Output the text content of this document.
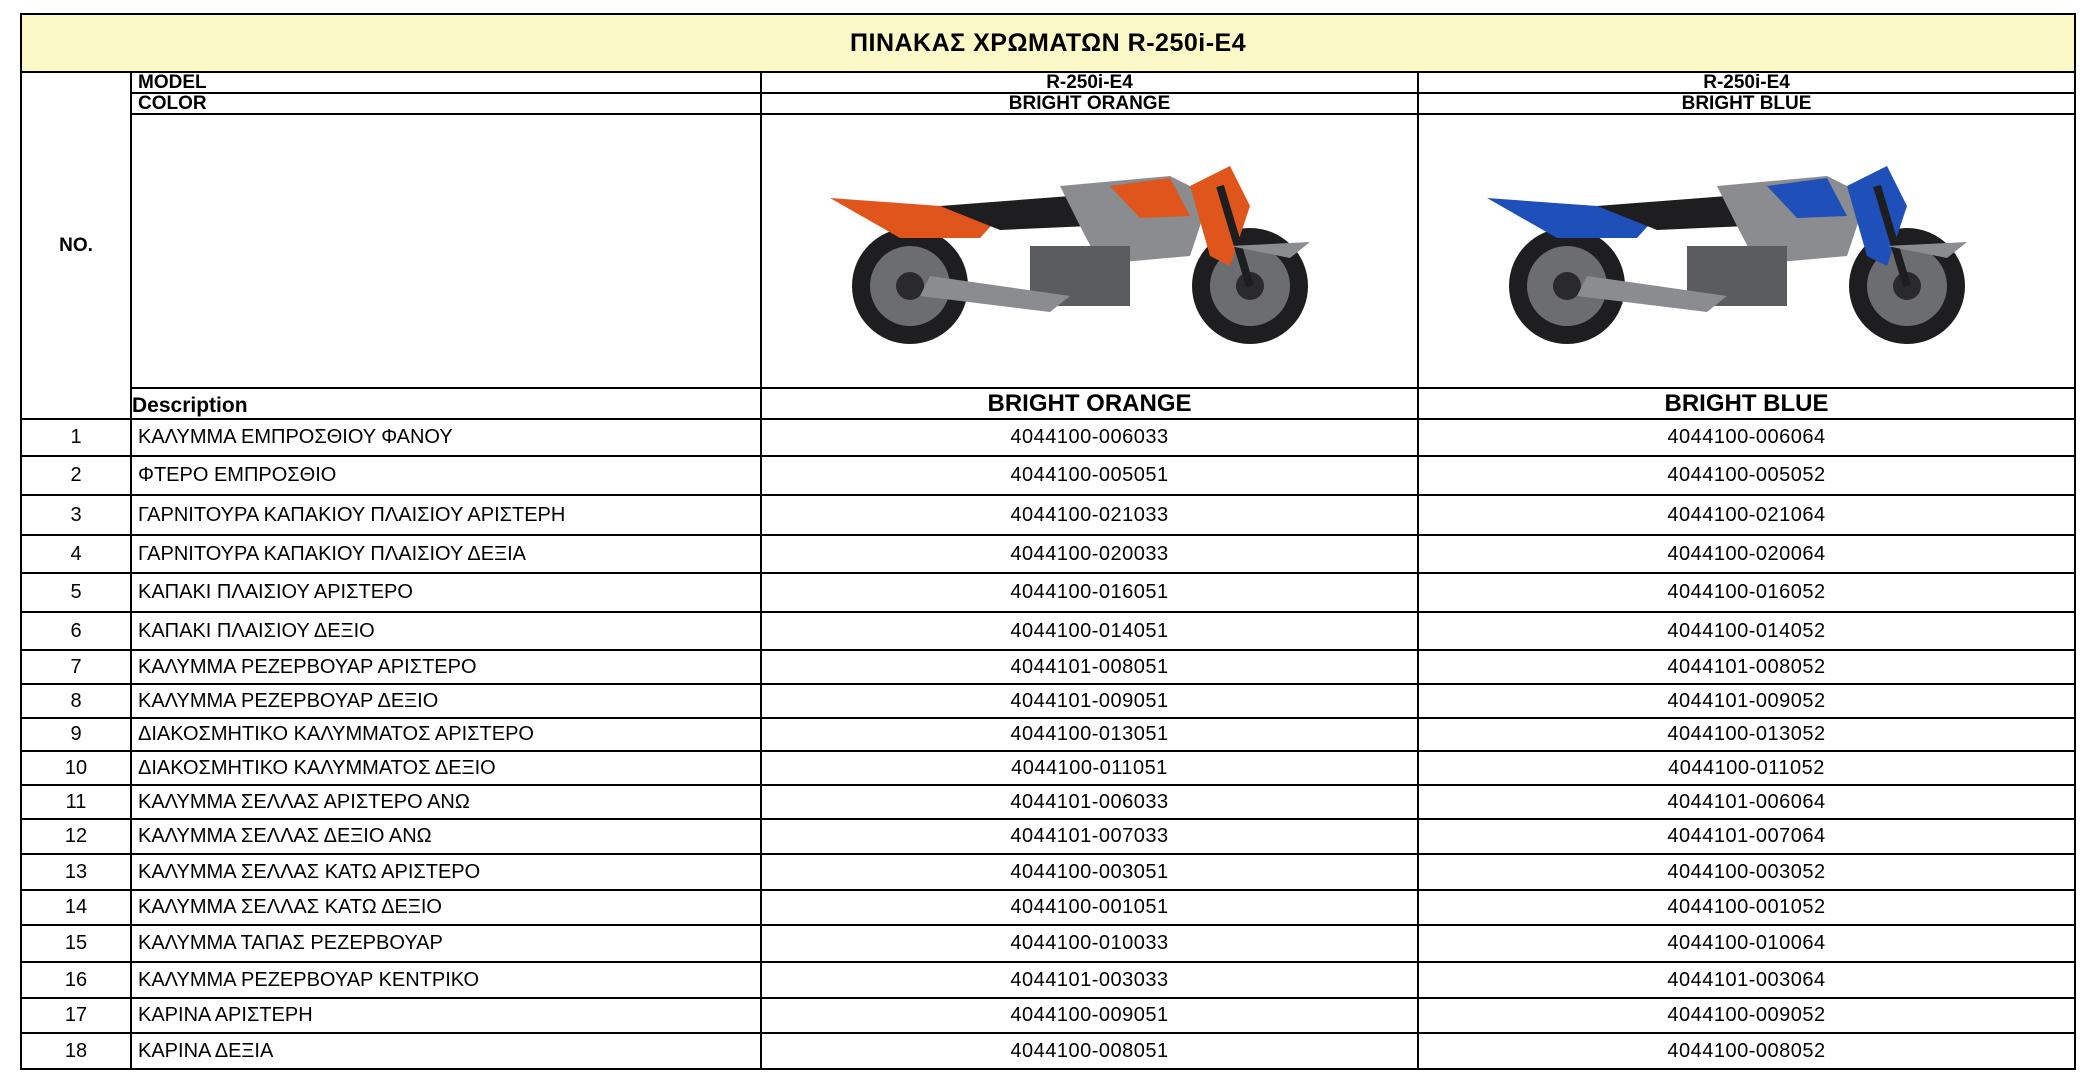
ΠΙΝΑΚΑΣ ΧΡΩΜΑΤΩΝ R-250i-E4			
NO.	MODEL	R-250i-E4	R-250i-E4
	COLOR	BRIGHT ORANGE	BRIGHT BLUE

	Description	BRIGHT ORANGE	BRIGHT BLUE
1	ΚΑΛΥΜΜΑ ΕΜΠΡΟΣΘΙΟΥ ΦΑΝΟΥ	4044100-006033	4044100-006064
2	ΦΤΕΡΟ ΕΜΠΡΟΣΘΙΟ	4044100-005051	4044100-005052
3	ΓΑΡΝΙΤΟΥΡΑ ΚΑΠΑΚΙΟΥ ΠΛΑΙΣΙΟΥ ΑΡΙΣΤΕΡΗ	4044100-021033	4044100-021064
4	ΓΑΡΝΙΤΟΥΡΑ ΚΑΠΑΚΙΟΥ ΠΛΑΙΣΙΟΥ ΔΕΞΙΑ	4044100-020033	4044100-020064
5	ΚΑΠΑΚΙ ΠΛΑΙΣΙΟΥ ΑΡΙΣΤΕΡΟ	4044100-016051	4044100-016052
6	ΚΑΠΑΚΙ ΠΛΑΙΣΙΟΥ ΔΕΞΙΟ	4044100-014051	4044100-014052
7	ΚΑΛΥΜΜΑ ΡΕΖΕΡΒΟΥΑΡ ΑΡΙΣΤΕΡΟ	4044101-008051	4044101-008052
8	ΚΑΛΥΜΜΑ ΡΕΖΕΡΒΟΥΑΡ ΔΕΞΙΟ	4044101-009051	4044101-009052
9	ΔΙΑΚΟΣΜΗΤΙΚΟ ΚΑΛΥΜΜΑΤΟΣ ΑΡΙΣΤΕΡΟ	4044100-013051	4044100-013052
10	ΔΙΑΚΟΣΜΗΤΙΚΟ ΚΑΛΥΜΜΑΤΟΣ ΔΕΞΙΟ	4044100-011051	4044100-011052
11	ΚΑΛΥΜΜΑ ΣΕΛΛΑΣ ΑΡΙΣΤΕΡΟ ΑΝΩ	4044101-006033	4044101-006064
12	ΚΑΛΥΜΜΑ ΣΕΛΛΑΣ ΔΕΞΙΟ ΑΝΩ	4044101-007033	4044101-007064
13	ΚΑΛΥΜΜΑ ΣΕΛΛΑΣ ΚΑΤΩ ΑΡΙΣΤΕΡΟ	4044100-003051	4044100-003052
14	ΚΑΛΥΜΜΑ ΣΕΛΛΑΣ ΚΑΤΩ ΔΕΞΙΟ	4044100-001051	4044100-001052
15	ΚΑΛΥΜΜΑ ΤΑΠΑΣ ΡΕΖΕΡΒΟΥΑΡ	4044100-010033	4044100-010064
16	ΚΑΛΥΜΜΑ ΡΕΖΕΡΒΟΥΑΡ ΚΕΝΤΡΙΚΟ	4044101-003033	4044101-003064
17	ΚΑΡΙΝΑ ΑΡΙΣΤΕΡΗ	4044100-009051	4044100-009052
18	ΚΑΡΙΝΑ ΔΕΞΙΑ	4044100-008051	4044100-008052
